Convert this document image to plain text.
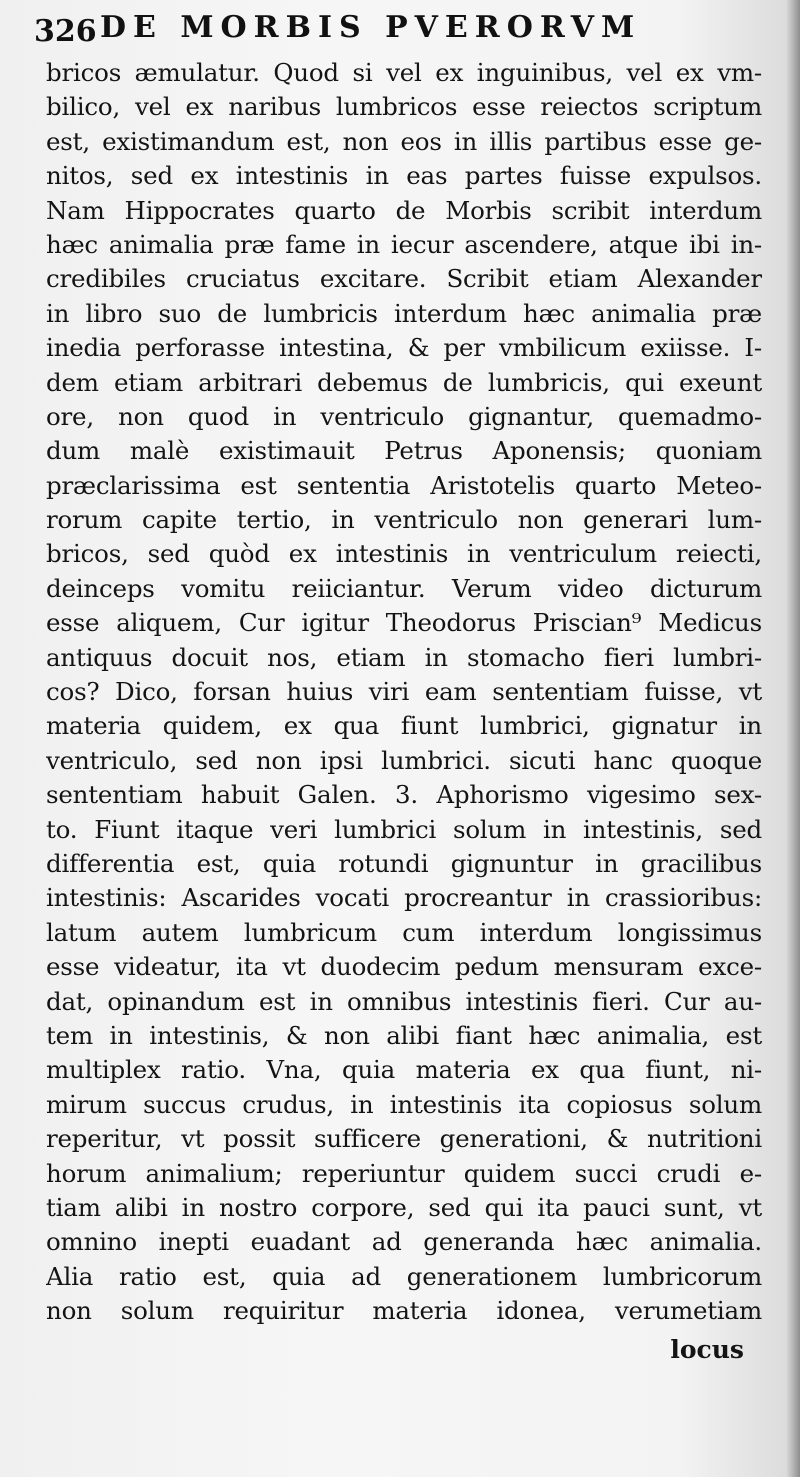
326 DE MORBIS PVERORVM
bricos æmulatur. Quod si vel ex inguinibus, vel ex vm-
bilico, vel ex naribus lumbricos esse reiectos scriptum
est, existimandum est, non eos in illis partibus esse ge-
nitos, sed ex intestinis in eas partes fuisse expulsos.
Nam Hippocrates quarto de Morbis scribit interdum
hæc animalia præ fame in iecur ascendere, atque ibi in-
credibiles cruciatus excitare. Scribit etiam Alexander
in libro suo de lumbricis interdum hæc animalia præ
inedia perforasse intestina, & per vmbilicum exiisse. I-
dem etiam arbitrari debemus de lumbricis, qui exeunt
ore, non quod in ventriculo gignantur, quemadmo-
dum malè existimauit Petrus Aponensis; quoniam
præclarissima est sententia Aristotelis quarto Meteo-
rorum capite tertio, in ventriculo non generari lum-
bricos, sed quòd ex intestinis in ventriculum reiecti,
deinceps vomitu reiiciantur. Verum video dicturum
esse aliquem, Cur igitur Theodorus Priscian⁹ Medicus
antiquus docuit nos, etiam in stomacho fieri lumbri-
cos? Dico, forsan huius viri eam sententiam fuisse, vt
materia quidem, ex qua fiunt lumbrici, gignatur in
ventriculo, sed non ipsi lumbrici. sicuti hanc quoque
sententiam habuit Galen. 3. Aphorismo vigesimo sex-
to. Fiunt itaque veri lumbrici solum in intestinis, sed
differentia est, quia rotundi gignuntur in gracilibus
intestinis: Ascarides vocati procreantur in crassioribus:
latum autem lumbricum cum interdum longissimus
esse videatur, ita vt duodecim pedum mensuram exce-
dat, opinandum est in omnibus intestinis fieri. Cur au-
tem in intestinis, & non alibi fiant hæc animalia, est
multiplex ratio. Vna, quia materia ex qua fiunt, ni-
mirum succus crudus, in intestinis ita copiosus solum
reperitur, vt possit sufficere generationi, & nutritioni
horum animalium; reperiuntur quidem succi crudi e-
tiam alibi in nostro corpore, sed qui ita pauci sunt, vt
omnino inepti euadant ad generanda hæc animalia.
Alia ratio est, quia ad generationem lumbricorum
non solum requiritur materia idonea, verumetiam
locus
